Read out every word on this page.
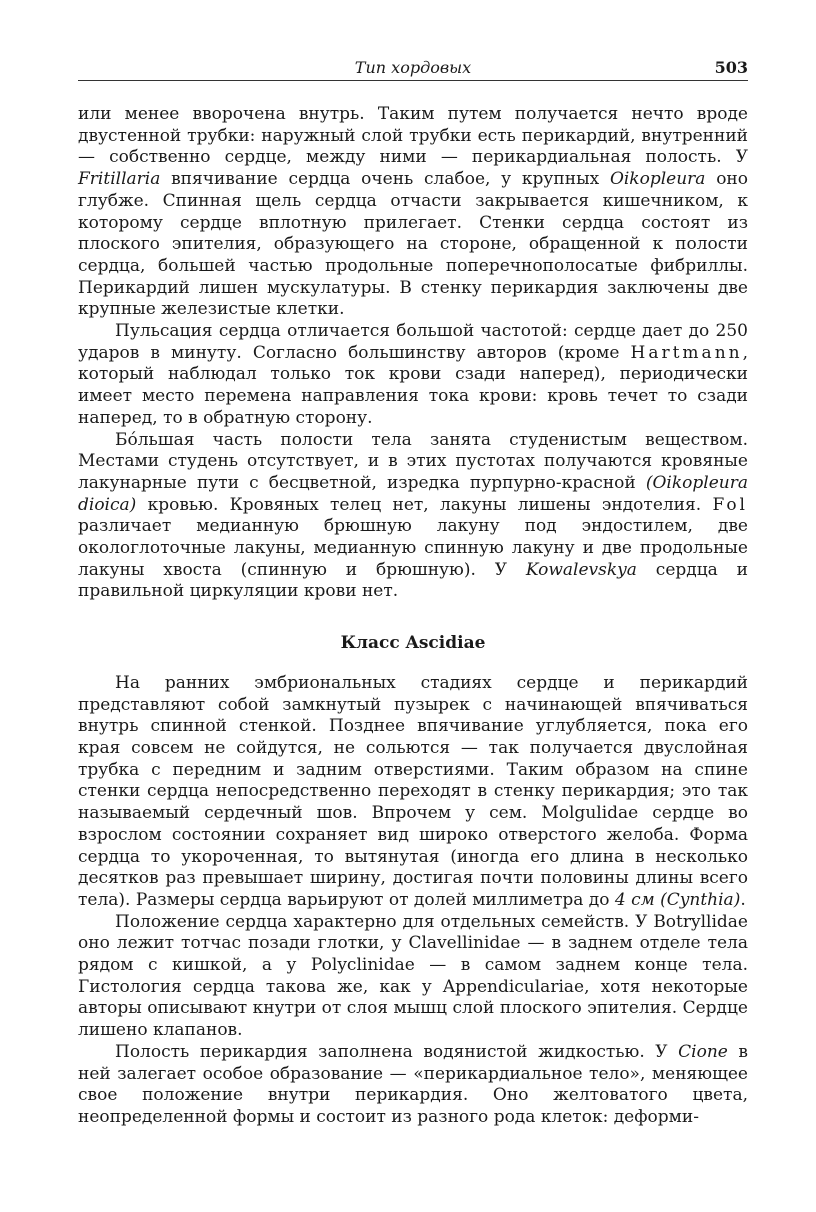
Тип хордовых	503

или менее вворочена внутрь. Таким путем получается нечто вроде двустенной трубки: наружный слой трубки есть перикардий, внутренний — собственно сердце, между ними — перикардиальная полость. У Fritillaria впячивание сердца очень слабое, у крупных Oikopleura оно глубже. Спинная щель сердца отчасти закрывается кишечником, к которому сердце вплотную прилегает. Стенки сердца состоят из плоского эпителия, образующего на стороне, обращенной к полости сердца, большей частью продольные поперечнополосатые фибриллы. Перикардий лишен мускулатуры. В стенку перикардия заключены две крупные железистые клетки.

Пульсация сердца отличается большой частотой: сердце дает до 250 ударов в минуту. Согласно большинству авторов (кроме Hartmann, который наблюдал только ток крови сзади наперед), периодически имеет место перемена направления тока крови: кровь течет то сзади наперед, то в обратную сторону.

Бóльшая часть полости тела занята студенистым веществом. Местами студень отсутствует, и в этих пустотах получаются кровяные лакунарные пути с бесцветной, изредка пурпурно-красной (Oikopleura dioica) кровью. Кровяных телец нет, лакуны лишены эндотелия. Fol различает медианную брюшную лакуну под эндостилем, две окологлоточные лакуны, медианную спинную лакуну и две продольные лакуны хвоста (спинную и брюшную). У Kowalevskya сердца и правильной циркуляции крови нет.

Класс Ascidiae

На ранних эмбриональных стадиях сердце и перикардий представляют собой замкнутый пузырек с начинающей впячиваться внутрь спинной стенкой. Позднее впячивание углубляется, пока его края совсем не сойдутся, не сольются — так получается двуслойная трубка с передним и задним отверстиями. Таким образом на спине стенки сердца непосредственно переходят в стенку перикардия; это так называемый сердечный шов. Впрочем у сем. Molgulidae сердце во взрослом состоянии сохраняет вид широко отверстого желоба. Форма сердца то укороченная, то вытянутая (иногда его длина в несколько десятков раз превышает ширину, достигая почти половины длины всего тела). Размеры сердца варьируют от долей миллиметра до 4 см (Cynthia).

Положение сердца характерно для отдельных семейств. У Botryllidae оно лежит тотчас позади глотки, у Clavellinidae — в заднем отделе тела рядом с кишкой, а у Polyclinidae — в самом заднем конце тела. Гистология сердца такова же, как у Appendiculariae, хотя некоторые авторы описывают кнутри от слоя мышц слой плоского эпителия. Сердце лишено клапанов.

Полость перикардия заполнена водянистой жидкостью. У Cione в ней залегает особое образование — «перикардиальное тело», меняющее свое положение внутри перикардия. Оно желтоватого цвета, неопределенной формы и состоит из разного рода клеток: деформи-
